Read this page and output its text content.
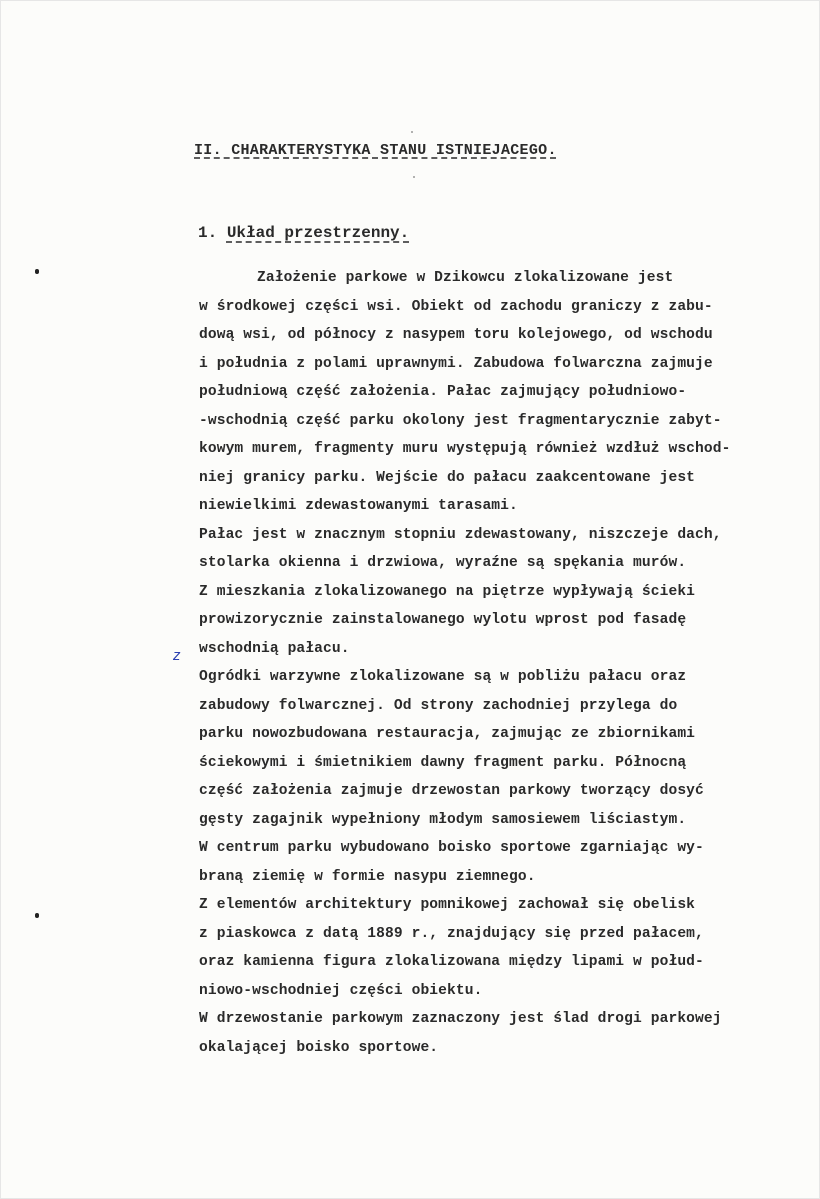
II. CHARAKTERYSTYKA STANU ISTNIEJACEGO.
1. Układ przestrzenny.
Założenie parkowe w Dzikowcu zlokalizowane jest
w środkowej części wsi. Obiekt od zachodu graniczy z zabu-
dową wsi, od północy z nasypem toru kolejowego, od wschodu
i południa z polami uprawnymi. Zabudowa folwarczna zajmuje
południową część założenia. Pałac zajmujący południowo-
-wschodnią część parku okolony jest fragmentarycznie zabyt-
kowym murem, fragmenty muru występują również wzdłuż wschod-
niej granicy parku. Wejście do pałacu zaakcentowane jest
niewielkimi zdewastowanymi tarasami.
Pałac jest w znacznym stopniu zdewastowany, niszczeje dach,
stolarka okienna i drzwiowa, wyraźne są spękania murów.
Z mieszkania zlokalizowanego na piętrze wypływają ścieki
prowizorycznie zainstalowanego wylotu wprost pod fasadę
wschodnią pałacu.
Ogródki warzywne zlokalizowane są w pobliżu pałacu oraz
zabudowy folwarcznej. Od strony zachodniej przylega do
parku nowozbudowana restauracja, zajmując ze zbiornikami
ściekowymi i śmietnikiem dawny fragment parku. Północną
część założenia zajmuje drzewostan parkowy tworzący dosyć
gęsty zagajnik wypełniony młodym samosiewem liściastym.
W centrum parku wybudowano boisko sportowe zgarniając wy-
braną ziemię w formie nasypu ziemnego.
Z elementów architektury pomnikowej zachował się obelisk
z piaskowca z datą 1889 r., znajdujący się przed pałacem,
oraz kamienna figura zlokalizowana między lipami w połud-
niowo-wschodniej części obiektu.
W drzewostanie parkowym zaznaczony jest ślad drogi parkowej
okalającej boisko sportowe.
z
